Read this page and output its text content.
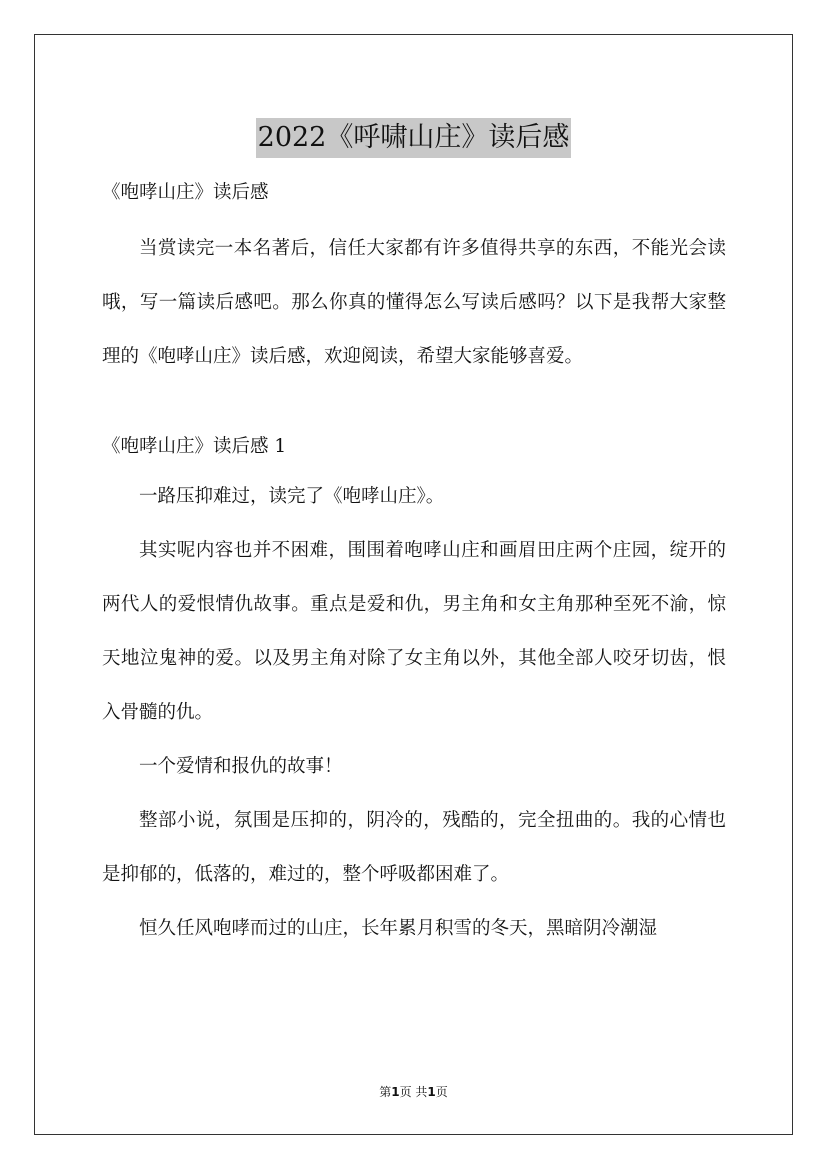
2022《呼啸山庄》读后感

《咆哮山庄》读后感

当赏读完一本名著后，信任大家都有许多值得共享的东西，不能光会读哦，写一篇读后感吧。那么你真的懂得怎么写读后感吗？以下是我帮大家整理的《咆哮山庄》读后感，欢迎阅读，希望大家能够喜爱。

《咆哮山庄》读后感 1

一路压抑难过，读完了《咆哮山庄》。

其实呢内容也并不困难，围围着咆哮山庄和画眉田庄两个庄园，绽开的两代人的爱恨情仇故事。重点是爱和仇，男主角和女主角那种至死不渝，惊天地泣鬼神的爱。以及男主角对除了女主角以外，其他全部人咬牙切齿，恨入骨髓的仇。

一个爱情和报仇的故事！

整部小说，氛围是压抑的，阴冷的，残酷的，完全扭曲的。我的心情也是抑郁的，低落的，难过的，整个呼吸都困难了。

恒久任风咆哮而过的山庄，长年累月积雪的冬天，黑暗阴冷潮湿

第1页 共1页
